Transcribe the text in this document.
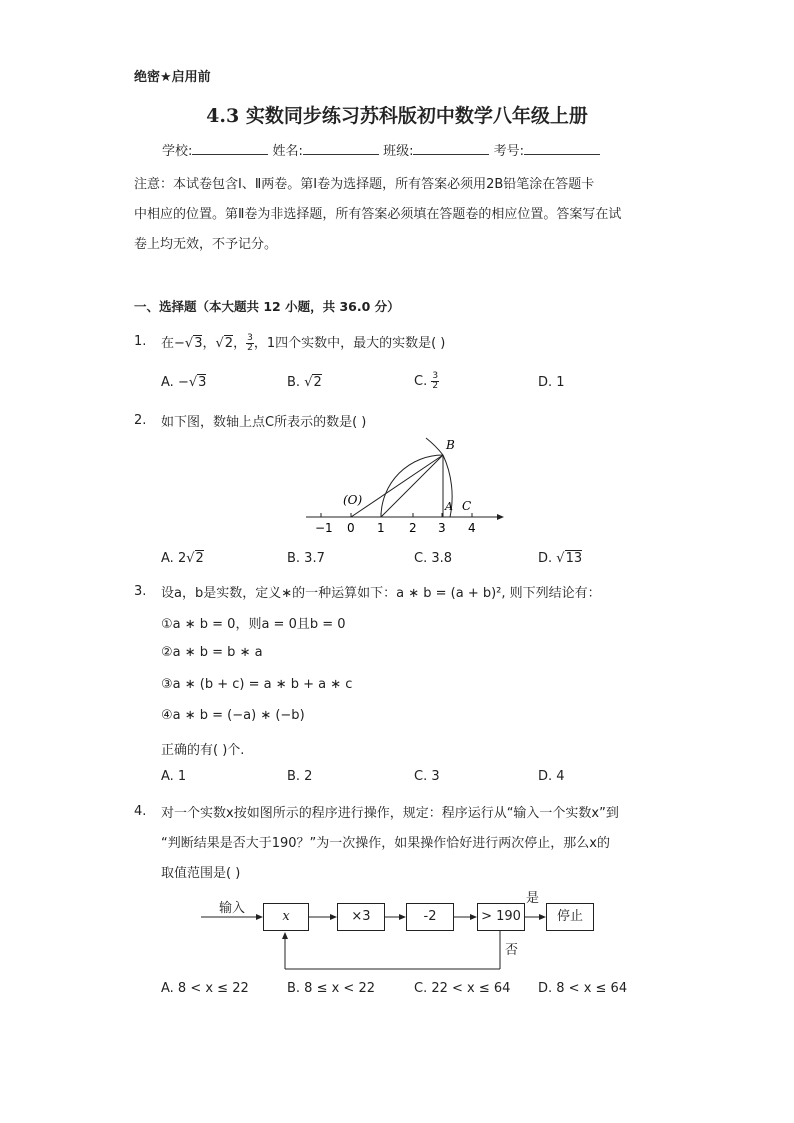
绝密★启用前
4.3 实数同步练习苏科版初中数学八年级上册
学校:	姓名:	班级:	考号:
注意：本试卷包含Ⅰ、Ⅱ两卷。第Ⅰ卷为选择题，所有答案必须用2B铅笔涂在答题卡
中相应的位置。第Ⅱ卷为非选择题，所有答案必须填在答题卷的相应位置。答案写在试
卷上均无效，不予记分。
一、选择题（本大题共 12 小题，共 36.0 分）
1. 在−√3，√2， $\frac{3}{2}$ ，1四个实数中，最大的实数是( )
A. −√3	B. √2	C. $\frac{3}{2}$	D. 1
2. 如下图，数轴上点C所表示的数是( )
(O)
B
A C
−1 0 1 2 3 4
A. 2√2	B. 3.7	C. 3.8	D. √13
3. 设a，b是实数，定义∗的一种运算如下：a ∗ b = (a + b)², 则下列结论有：
①a ∗ b = 0，则a = 0且b = 0
②a ∗ b = b ∗ a
③a ∗ (b + c) = a ∗ b + a ∗ c
④a ∗ b = (−a) ∗ (−b)
正确的有( )个.
A. 1	B. 2	C. 3	D. 4
4. 对一个实数x按如图所示的程序进行操作，规定：程序运行从“输入一个实数x”到
“判断结果是否大于190？”为一次操作，如果操作恰好进行两次停止，那么x的
取值范围是( )
输入
x	×3	-2	> 190	停止
是
否
A. 8 < x ≤ 22	B. 8 ≤ x < 22	C. 22 < x ≤ 64 D. 8 < x ≤ 64
